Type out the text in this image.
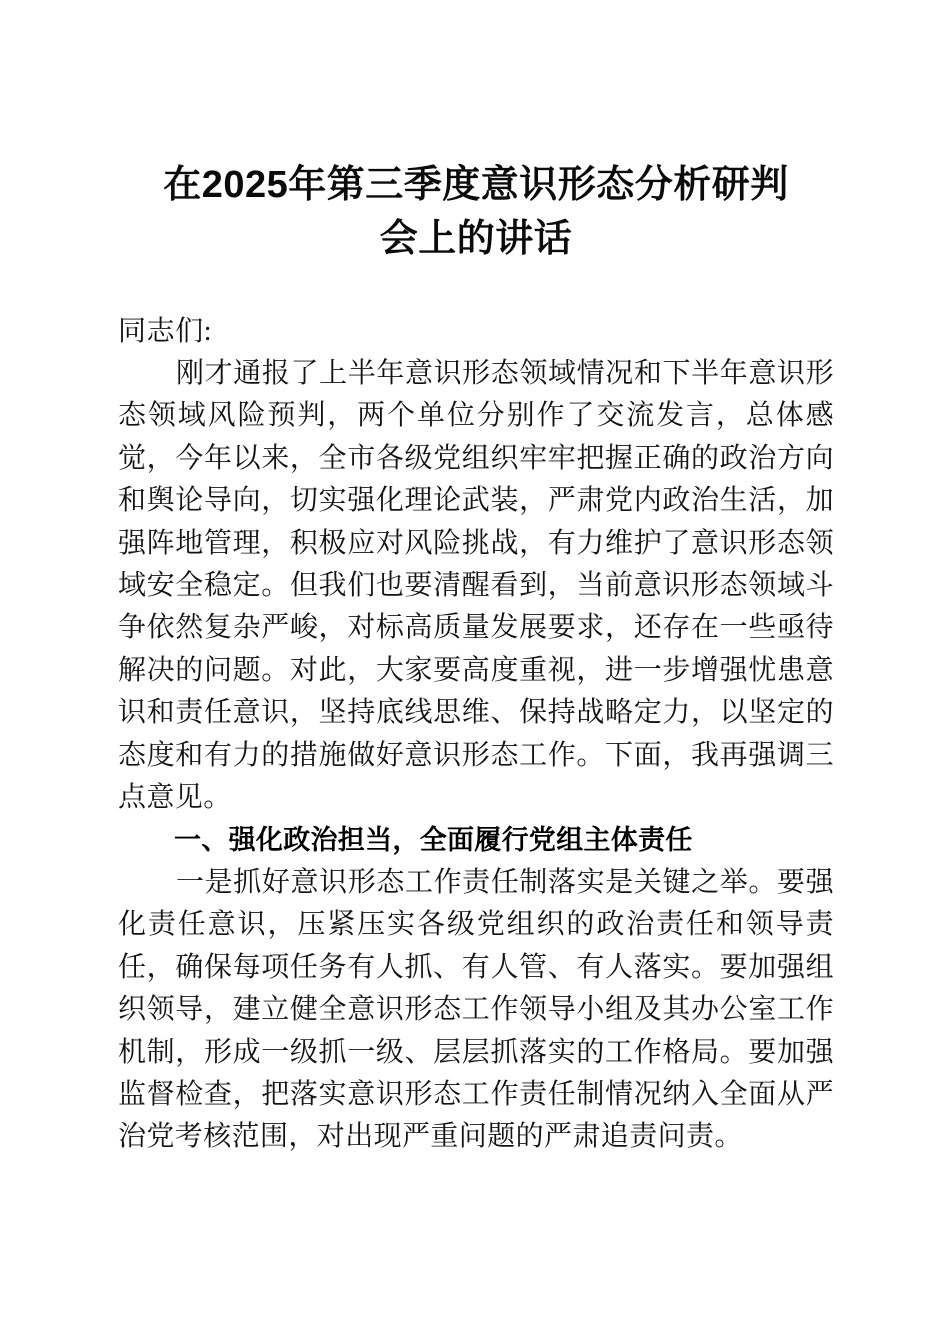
在2025年第三季度意识形态分析研判
会上的讲话

同志们:

刚才通报了上半年意识形态领域情况和下半年意识形态领域风险预判，两个单位分别作了交流发言，总体感觉，今年以来，全市各级党组织牢牢把握正确的政治方向和舆论导向，切实强化理论武装，严肃党内政治生活，加强阵地管理，积极应对风险挑战，有力维护了意识形态领域安全稳定。但我们也要清醒看到，当前意识形态领域斗争依然复杂严峻，对标高质量发展要求，还存在一些亟待解决的问题。对此，大家要高度重视，进一步增强忧患意识和责任意识，坚持底线思维、保持战略定力，以坚定的态度和有力的措施做好意识形态工作。下面，我再强调三点意见。

一、强化政治担当，全面履行党组主体责任

一是抓好意识形态工作责任制落实是关键之举。要强化责任意识，压紧压实各级党组织的政治责任和领导责任，确保每项任务有人抓、有人管、有人落实。要加强组织领导，建立健全意识形态工作领导小组及其办公室工作机制，形成一级抓一级、层层抓落实的工作格局。要加强监督检查，把落实意识形态工作责任制情况纳入全面从严治党考核范围，对出现严重问题的严肃追责问责。
